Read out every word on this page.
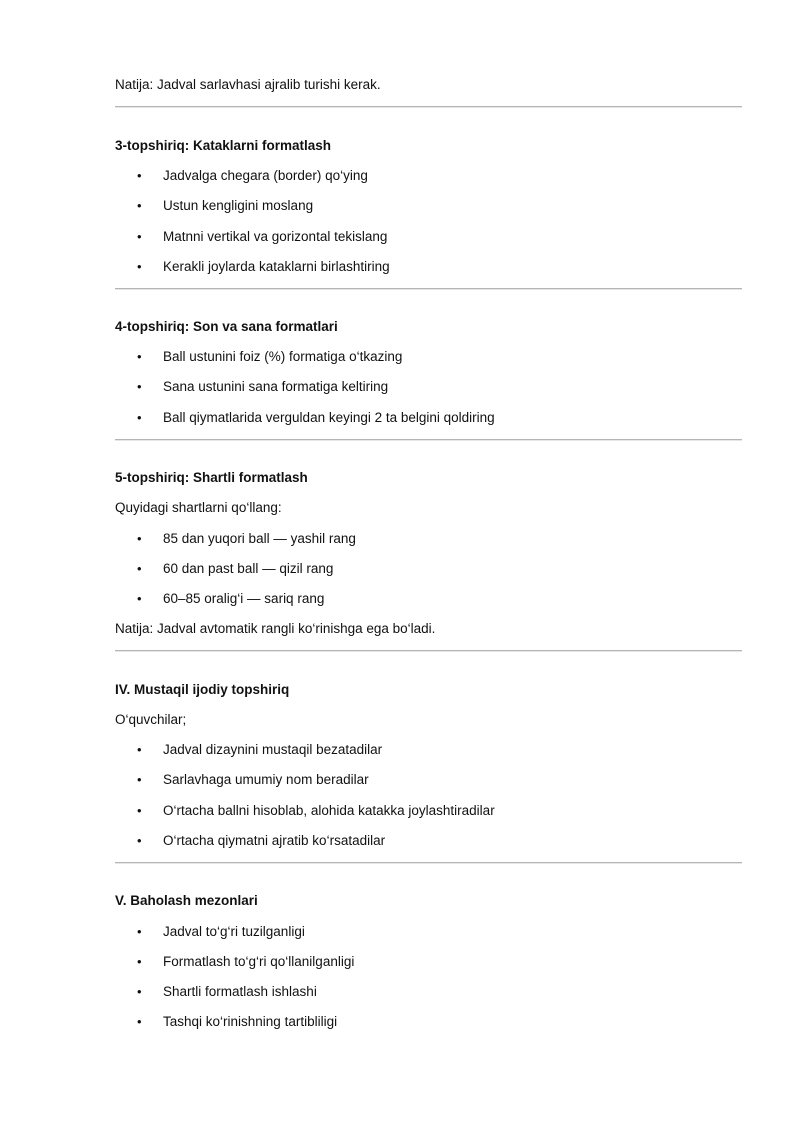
Natija: Jadval sarlavhasi ajralib turishi kerak.
3-topshiriq: Kataklarni formatlash
• Jadvalga chegara (border) qo‘ying
• Ustun kengligini moslang
• Matnni vertikal va gorizontal tekislang
• Kerakli joylarda kataklarni birlashtiring
4-topshiriq: Son va sana formatlari
• Ball ustunini foiz (%) formatiga o‘tkazing
• Sana ustunini sana formatiga keltiring
• Ball qiymatlarida verguldan keyingi 2 ta belgini qoldiring
5-topshiriq: Shartli formatlash
Quyidagi shartlarni qo‘llang:
• 85 dan yuqori ball — yashil rang
• 60 dan past ball — qizil rang
• 60–85 oralig‘i — sariq rang
Natija: Jadval avtomatik rangli ko‘rinishga ega bo‘ladi.
IV. Mustaqil ijodiy topshiriq
O‘quvchilar;
• Jadval dizaynini mustaqil bezatadilar
• Sarlavhaga umumiy nom beradilar
• O‘rtacha ballni hisoblab, alohida katakka joylashtiradilar
• O‘rtacha qiymatni ajratib ko‘rsatadilar
V. Baholash mezonlari
• Jadval to‘g‘ri tuzilganligi
• Formatlash to‘g‘ri qo‘llanilganligi
• Shartli formatlash ishlashi
• Tashqi ko‘rinishning tartibliligi
